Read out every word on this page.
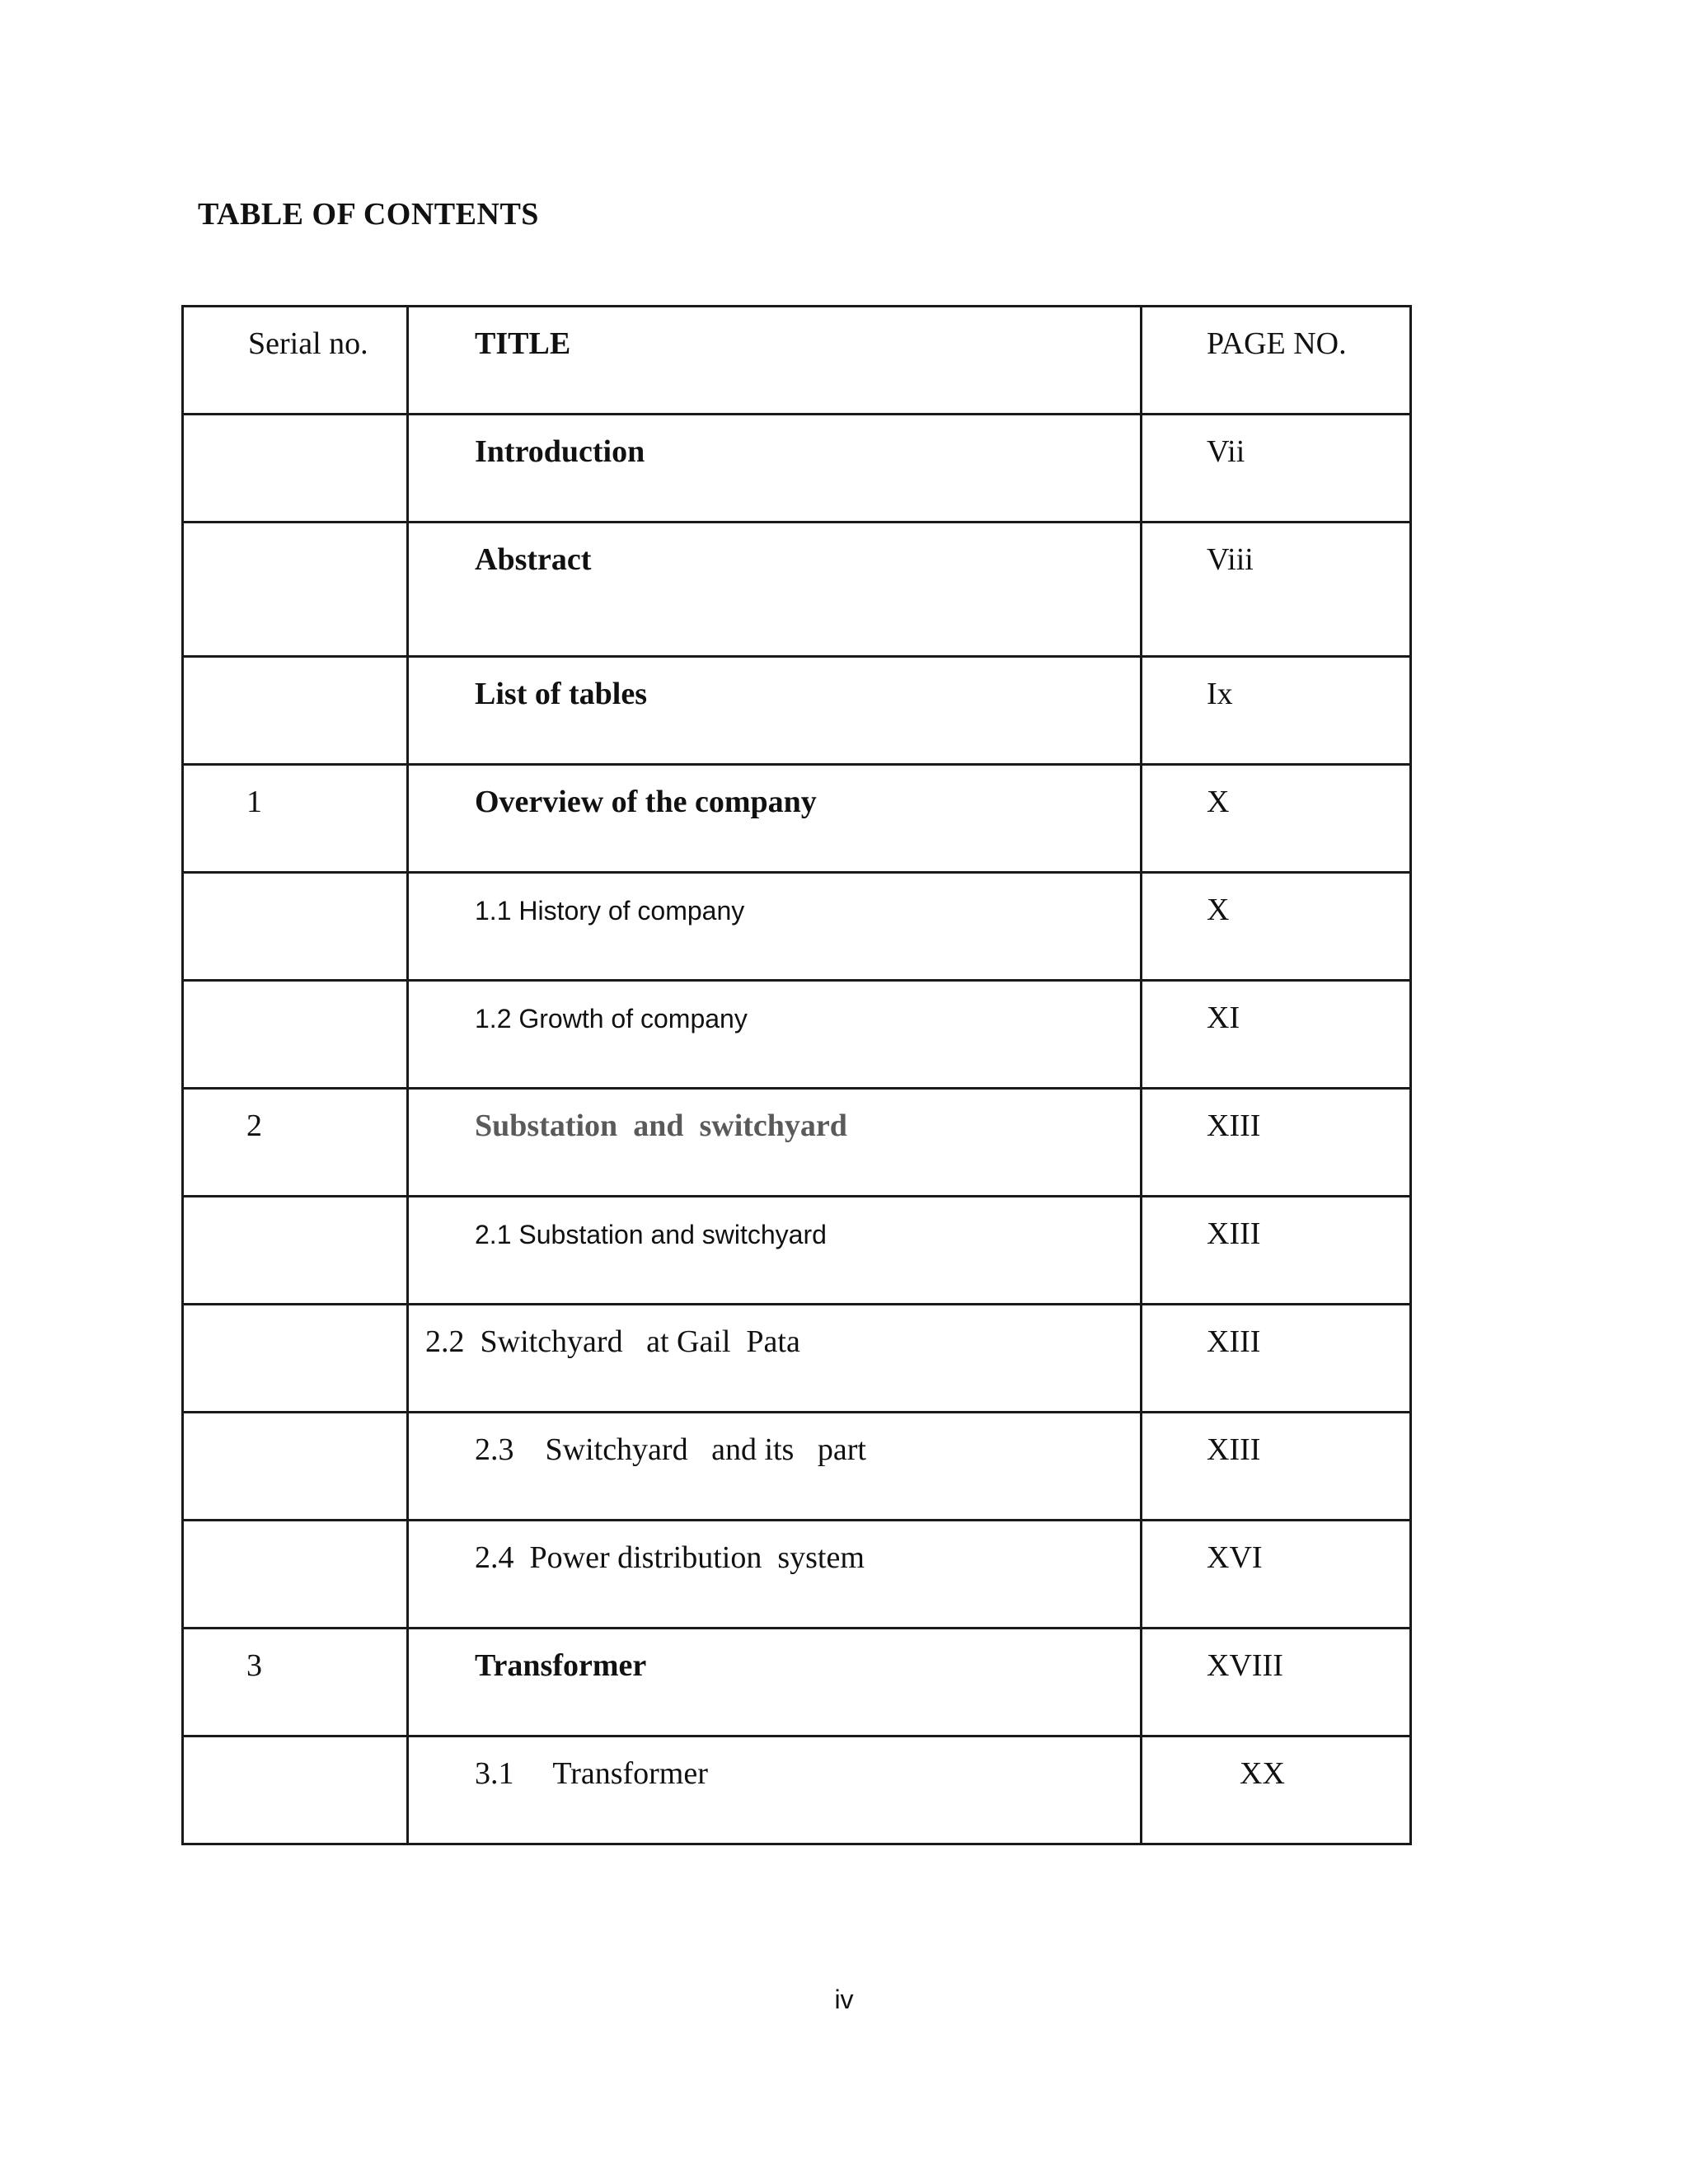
TABLE OF CONTENTS
Serial no.	TITLE	PAGE NO.

	Introduction	Vii

	Abstract	Viii

	List of tables	Ix

1	Overview of the company	X

	1.1 History of company	X

	1.2 Growth of company	XI

2	Substation  and  switchyard	XIII

	2.1 Substation and switchyard	XIII

	2.2  Switchyard   at Gail  Pata	XIII

	2.3    Switchyard   and its   part	XIII

	2.4  Power distribution  system	XVI

3	Transformer	XVIII

	3.1     Transformer	XX

iv
